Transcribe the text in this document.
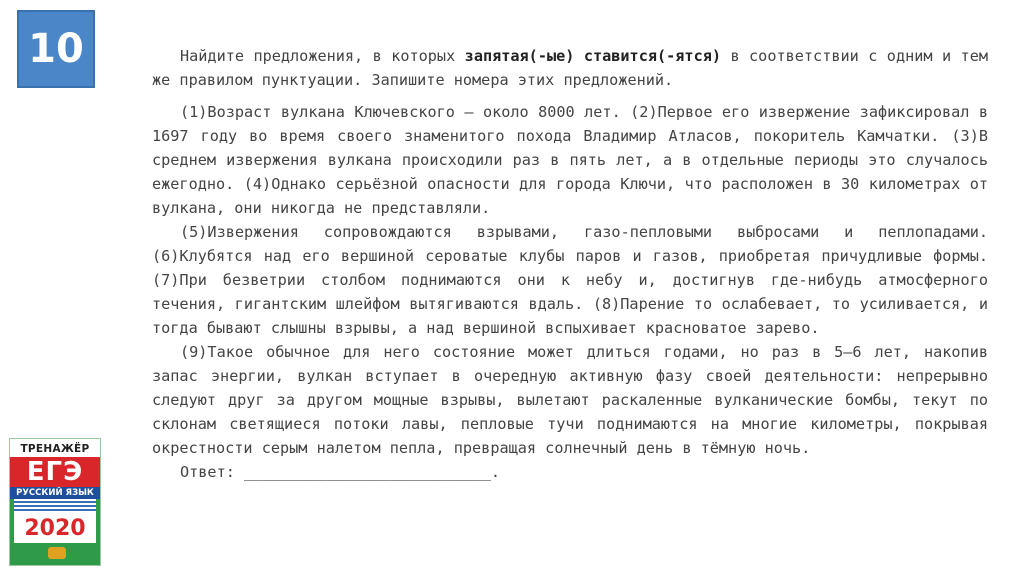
10	Найдите предложения, в которых запятая(-ые) ставится(-ятся) в соответствии с одним и тем же правилом пунктуации. Запишите номера этих предложений.

(1)Возраст вулкана Ключевского — около 8000 лет. (2)Первое его извержение зафиксировал в 1697 году во время своего знаменитого похода Владимир Атласов, покоритель Камчатки. (3)В среднем извержения вулкана происходили раз в пять лет, а в отдельные периоды это случалось ежегодно. (4)Однако серьёзной опасности для города Ключи, что расположен в 30 километрах от вулкана, они никогда не представляли.

(5)Извержения сопровождаются взрывами, газо-пепловыми выбросами и пеплопадами. (6)Клубятся над его вершиной сероватые клубы паров и газов, приобретая причудливые формы. (7)При безветрии столбом поднимаются они к небу и, достигнув где-нибудь атмосферного течения, гигантским шлейфом вытягиваются вдаль. (8)Парение то ослабевает, то усиливается, и тогда бывают слышны взрывы, а над вершиной вспыхивает красноватое зарево.

(9)Такое обычное для него состояние может длиться годами, но раз в 5–6 лет, накопив запас энергии, вулкан вступает в очередную активную фазу своей деятельности: непрерывно следуют друг за другом мощные взрывы, вылетают раскаленные вулканические бомбы, текут по склонам светящиеся потоки лавы, пепловые тучи поднимаются на многие километры, покрывая окрестности серым налетом пепла, превращая солнечный день в тёмную ночь.

Ответ: ___________________________.
ТРЕНАЖЁР
ЕГЭ
РУССКИЙ ЯЗЫК
2020
